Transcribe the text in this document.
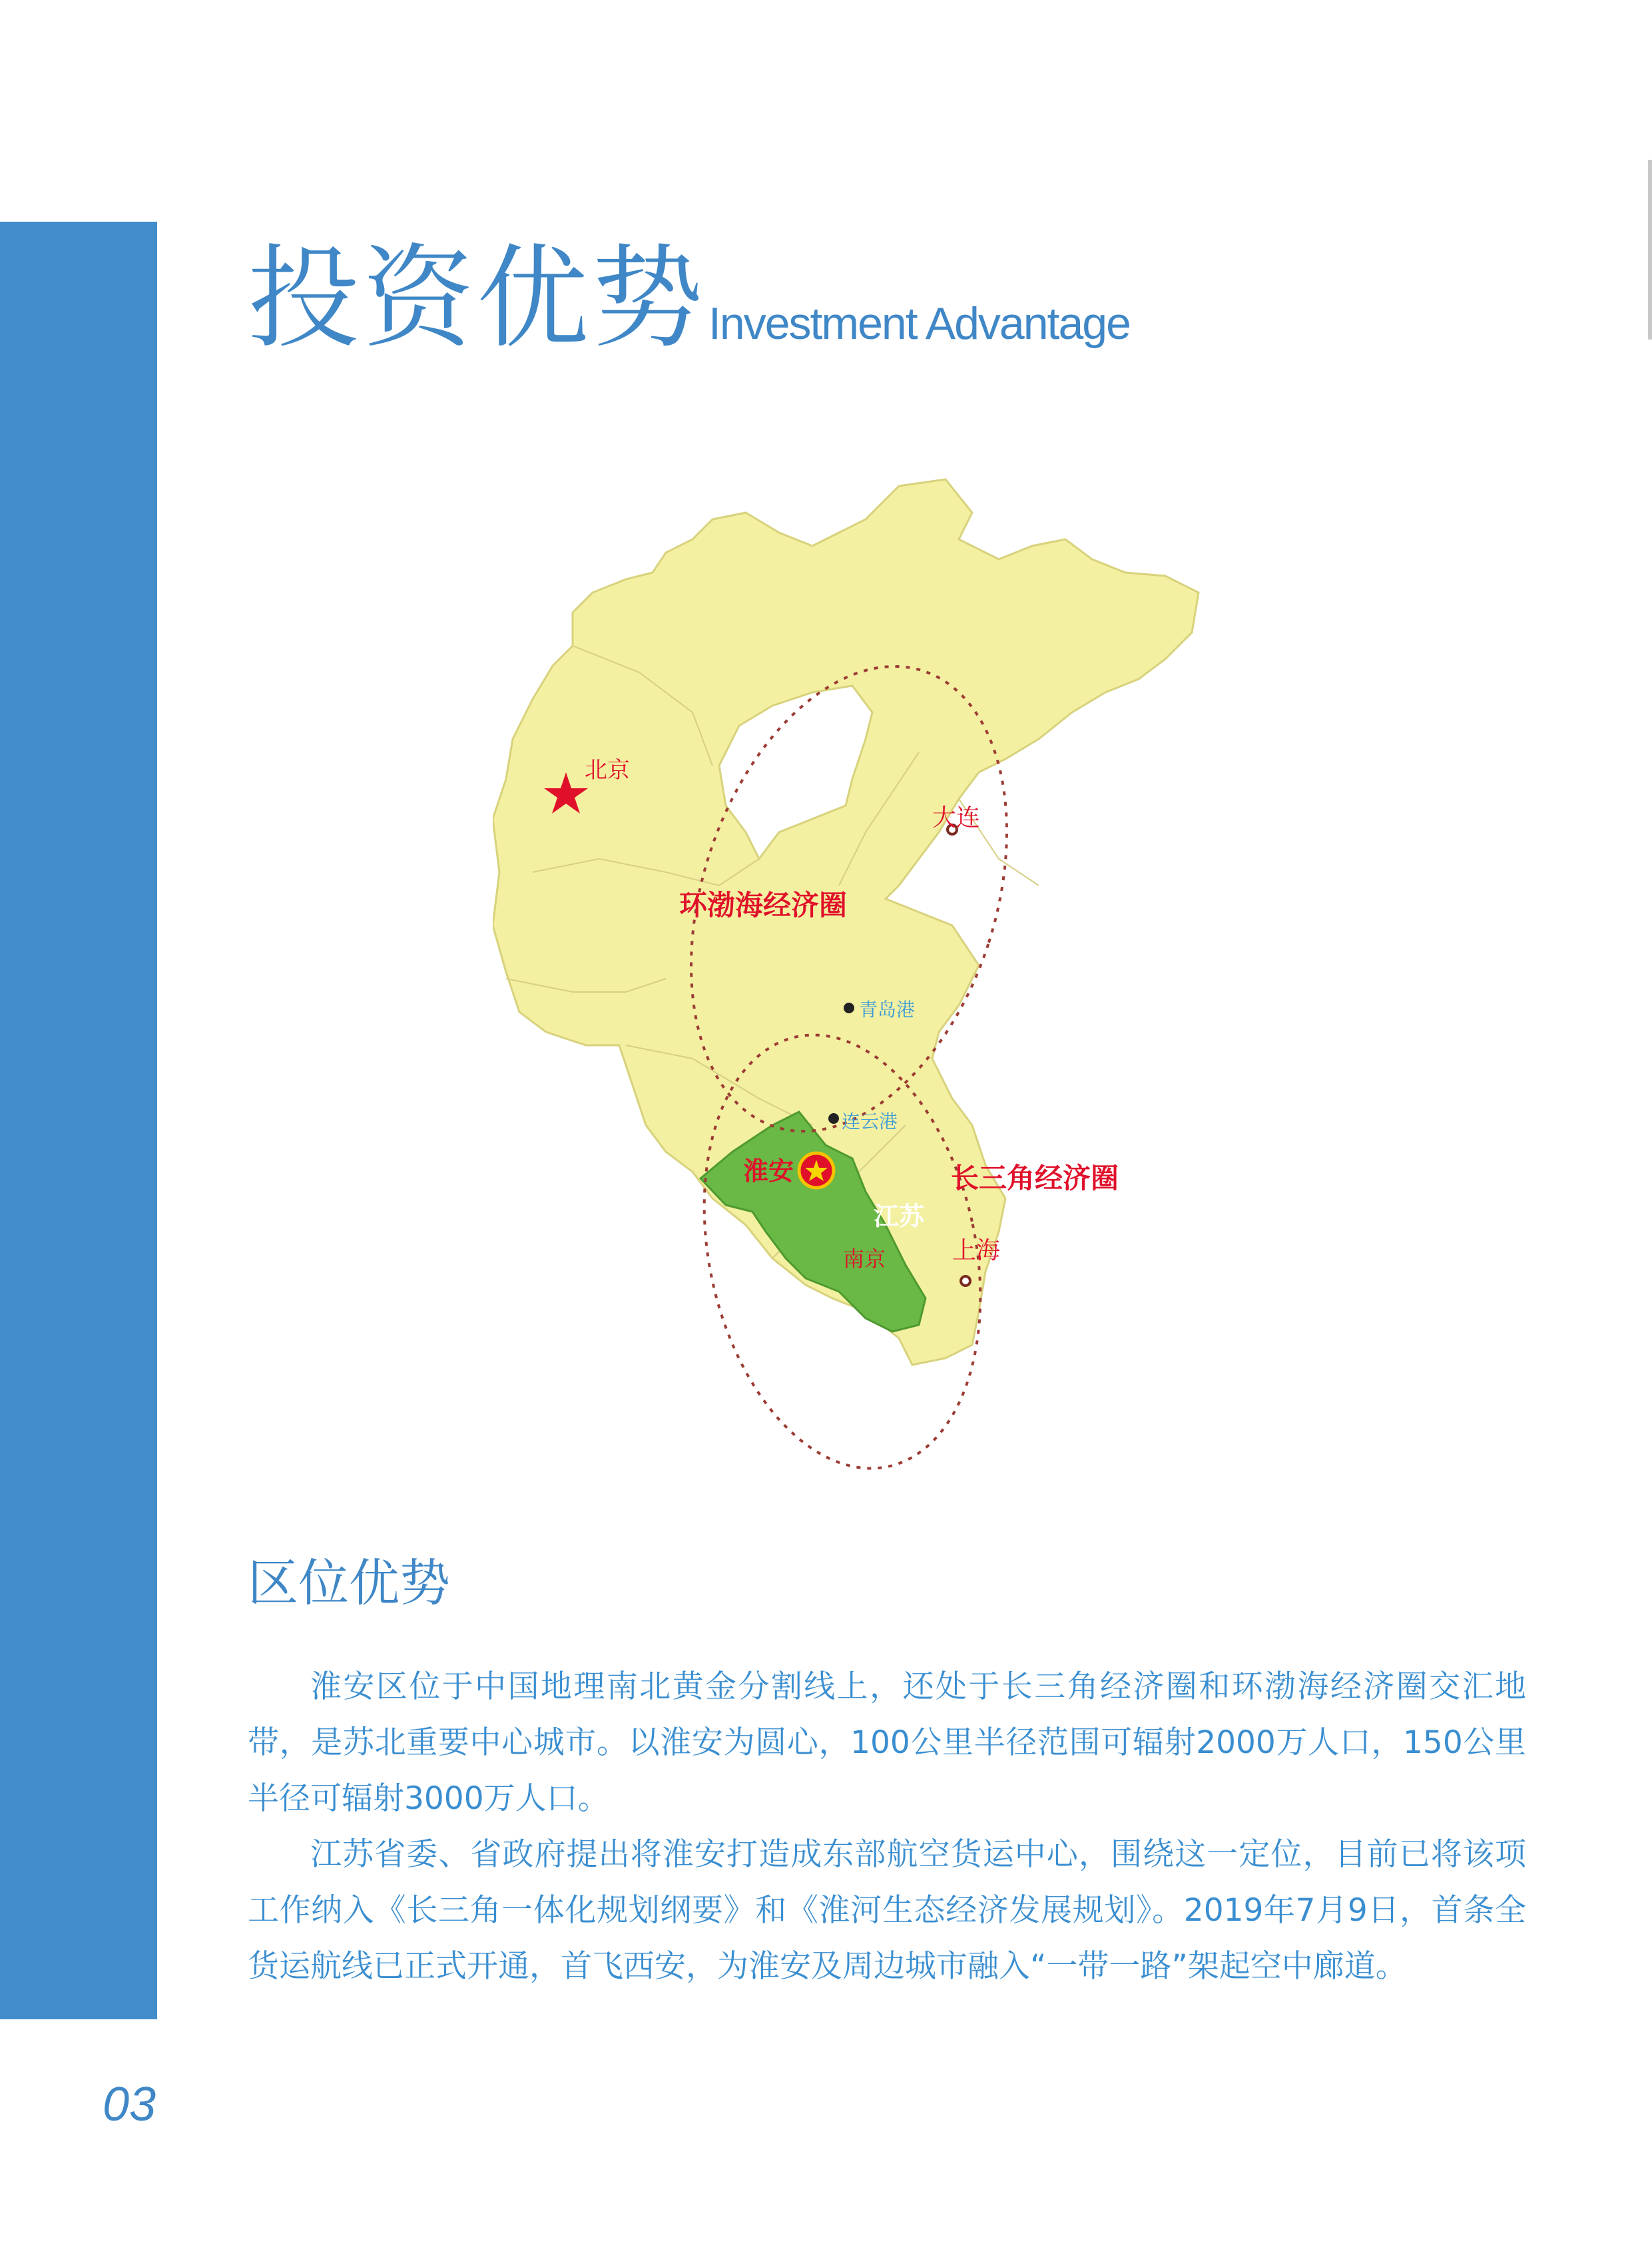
投资优势 Investment Advantage
北京
大连
环渤海经济圈
青岛港
连云港
淮安	长三角经济圈
江苏
南京	上海
区位优势

淮安区位于中国地理南北黄金分割线上，还处于长三角经济圈和环渤海经济圈交汇地带，是苏北重要中心城市。以淮安为圆心，100公里半径范围可辐射2000万人口，150公里半径可辐射3000万人口。

江苏省委、省政府提出将淮安打造成东部航空货运中心，围绕这一定位，目前已将该项工作纳入《长三角一体化规划纲要》和《淮河生态经济发展规划》。2019年7月9日，首条全货运航线已正式开通，首飞西安，为淮安及周边城市融入“一带一路”架起空中廊道。

03
